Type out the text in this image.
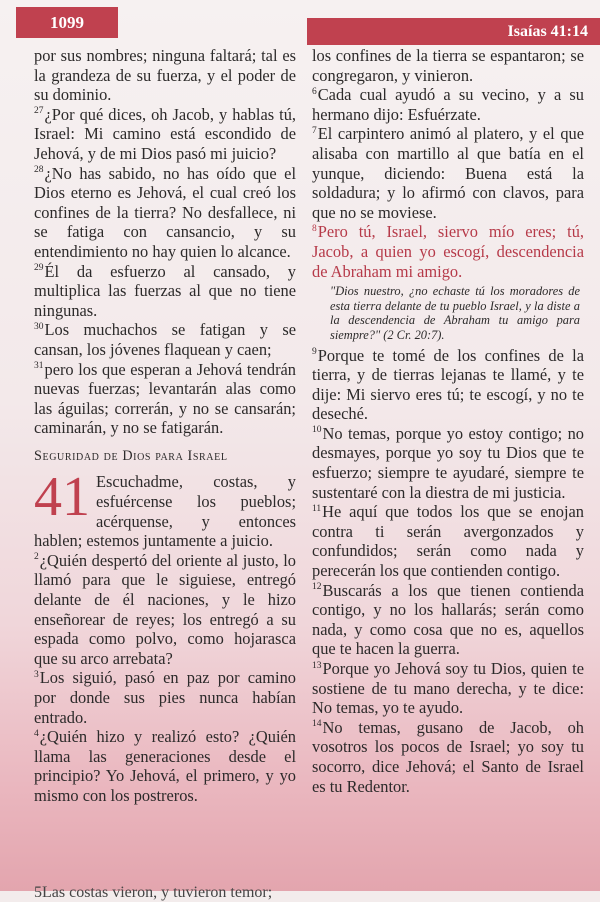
1099	Isaías 41:14

por sus nombres; ninguna faltará; tal es la grandeza de su fuerza, y el poder de su dominio.

$^{27}$¿Por qué dices, oh Jacob, y hablas tú, Israel: Mi camino está escondido de Jehová, y de mi Dios pasó mi juicio?

$^{28}$¿No has sabido, no has oído que el Dios eterno es Jehová, el cual creó los confines de la tierra? No desfallece, ni se fatiga con cansancio, y su entendimiento no hay quien lo alcance.

$^{29}$Él da esfuerzo al cansado, y multiplica las fuerzas al que no tiene ningunas.

$^{30}$Los muchachos se fatigan y se cansan, los jóvenes flaquean y caen;

$^{31}$pero los que esperan a Jehová tendrán nuevas fuerzas; levantarán alas como las águilas; correrán, y no se cansarán; caminarán, y no se fatigarán.

Seguridad de Dios para Israel
41 Escuchadme, costas, y esfuércense los pueblos; acérquense, y entonces hablen; estemos juntamente a juicio.

$^2$¿Quién despertó del oriente al justo, lo llamó para que le siguiese, entregó delante de él naciones, y le hizo enseñorear de reyes; los entregó a su espada como polvo, como hojarasca que su arco arrebata?

$^3$Los siguió, pasó en paz por camino por donde sus pies nunca habían entrado.

$^4$¿Quién hizo y realizó esto? ¿Quién llama las generaciones desde el principio? Yo Jehová, el primero, y yo mismo con los postreros.

los confines de la tierra se espantaron; se congregaron, y vinieron.

$^6$Cada cual ayudó a su vecino, y a su hermano dijo: Esfuérzate.

$^7$El carpintero animó al platero, y el que alisaba con martillo al que batía en el yunque, diciendo: Buena está la soldadura; y lo afirmó con clavos, para que no se moviese.

$^8$Pero tú, Israel, siervo mío eres; tú, Jacob, a quien yo escogí, descendencia de Abraham mi amigo.

"Dios nuestro, ¿no echaste tú los moradores de esta tierra delante de tu pueblo Israel, y la diste a la descendencia de Abraham tu amigo para siempre?" (2 Cr. 20:7).

$^9$Porque te tomé de los confines de la tierra, y de tierras lejanas te llamé, y te dije: Mi siervo eres tú; te escogí, y no te deseché.

$^{10}$No temas, porque yo estoy contigo; no desmayes, porque yo soy tu Dios que te esfuerzo; siempre te ayudaré, siempre te sustentaré con la diestra de mi justicia.

$^{11}$He aquí que todos los que se enojan contra ti serán avergonzados y confundidos; serán como nada y perecerán los que contienden contigo.

$^{12}$Buscarás a los que tienen contienda contigo, y no los hallarás; serán como nada, y como cosa que no es, aquellos que te hacen la guerra.

$^{13}$Porque yo Jehová soy tu Dios, quien te sostiene de tu mano derecha, y te dice: No temas, yo te ayudo.

$^{14}$No temas, gusano de Jacob, oh vosotros los pocos de Israel; yo soy tu socorro, dice Jehová; el Santo de Israel es tu Redentor.

5Las costas vieron, y tuvieron temor;
